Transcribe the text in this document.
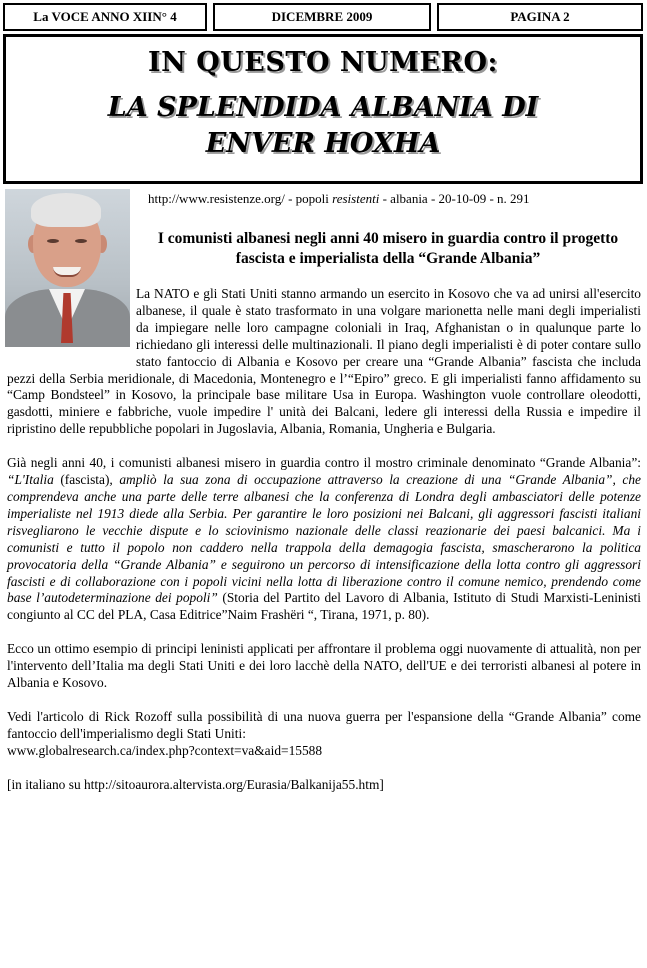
La VOCE ANNO XII N° 4	DICEMBRE 2009	PAGINA 2
IN QUESTO NUMERO:
LA SPLENDIDA ALBANIA DI
ENVER HOXHA
http://www.resistenze.org/ - popoli resistenti - albania - 20-10-09 - n. 291
I comunisti albanesi negli anni 40 misero in guardia contro il progetto fascista e imperialista della “Grande Albania”

La NATO e gli Stati Uniti stanno armando un esercito in Kosovo che va ad unirsi all'esercito albanese, il quale è stato trasformato in una volgare marionetta nelle mani degli imperialisti da impiegare nelle loro campagne coloniali in Iraq, Afghanistan o in qualunque parte lo richiedano gli interessi delle multinazionali. Il piano degli imperialisti è di poter contare sullo stato fantoccio di Albania e Kosovo per creare una “Grande Albania” fascista che includa pezzi della Serbia meridionale, di Macedonia, Montenegro e l’“Epiro” greco. E gli imperialisti fanno affidamento su “Camp Bondsteel” in Kosovo, la principale base militare Usa in Europa. Washington vuole controllare oleodotti, gasdotti, miniere e fabbriche, vuole impedire l' unità dei Balcani, ledere gli interessi della Russia e impedire il ripristino delle repubbliche popolari in Jugoslavia, Albania, Romania, Ungheria e Bulgaria.

Già negli anni 40, i comunisti albanesi misero in guardia contro il mostro criminale denominato “Grande Albania”: “L'Italia (fascista), ampliò la sua zona di occupazione attraverso la creazione di una “Grande Albania”, che comprendeva anche una parte delle terre albanesi che la conferenza di Londra degli ambasciatori delle potenze imperialiste nel 1913 diede alla Serbia. Per garantire le loro posizioni nei Balcani, gli aggressori fascisti italiani risvegliarono le vecchie dispute e lo sciovinismo nazionale delle classi reazionarie dei paesi balcanici. Ma i comunisti e tutto il popolo non caddero nella trappola della demagogia fascista, smascherarono la politica provocatoria della “Grande Albania” e seguirono un percorso di intensificazione della lotta contro gli aggressori fascisti e di collaborazione con i popoli vicini nella lotta di liberazione contro il comune nemico, prendendo come base l’autodeterminazione dei popoli” (Storia del Partito del Lavoro di Albania, Istituto di Studi Marxisti-Leninisti congiunto al CC del PLA, Casa Editrice”Naim Frashëri “, Tirana, 1971, p. 80).

Ecco un ottimo esempio di principi leninisti applicati per affrontare il problema oggi nuovamente di attualità, non per l'intervento dell’Italia ma degli Stati Uniti e dei loro lacchè della NATO, dell'UE e dei terroristi albanesi al potere in Albania e Kosovo.

Vedi l'articolo di Rick Rozoff sulla possibilità di una nuova guerra per l'espansione della “Grande Albania” come fantoccio dell'imperialismo degli Stati Uniti:
www.globalresearch.ca/index.php?context=va&aid=15588

[in italiano su http://sitoaurora.altervista.org/Eurasia/Balkanija55.htm]
